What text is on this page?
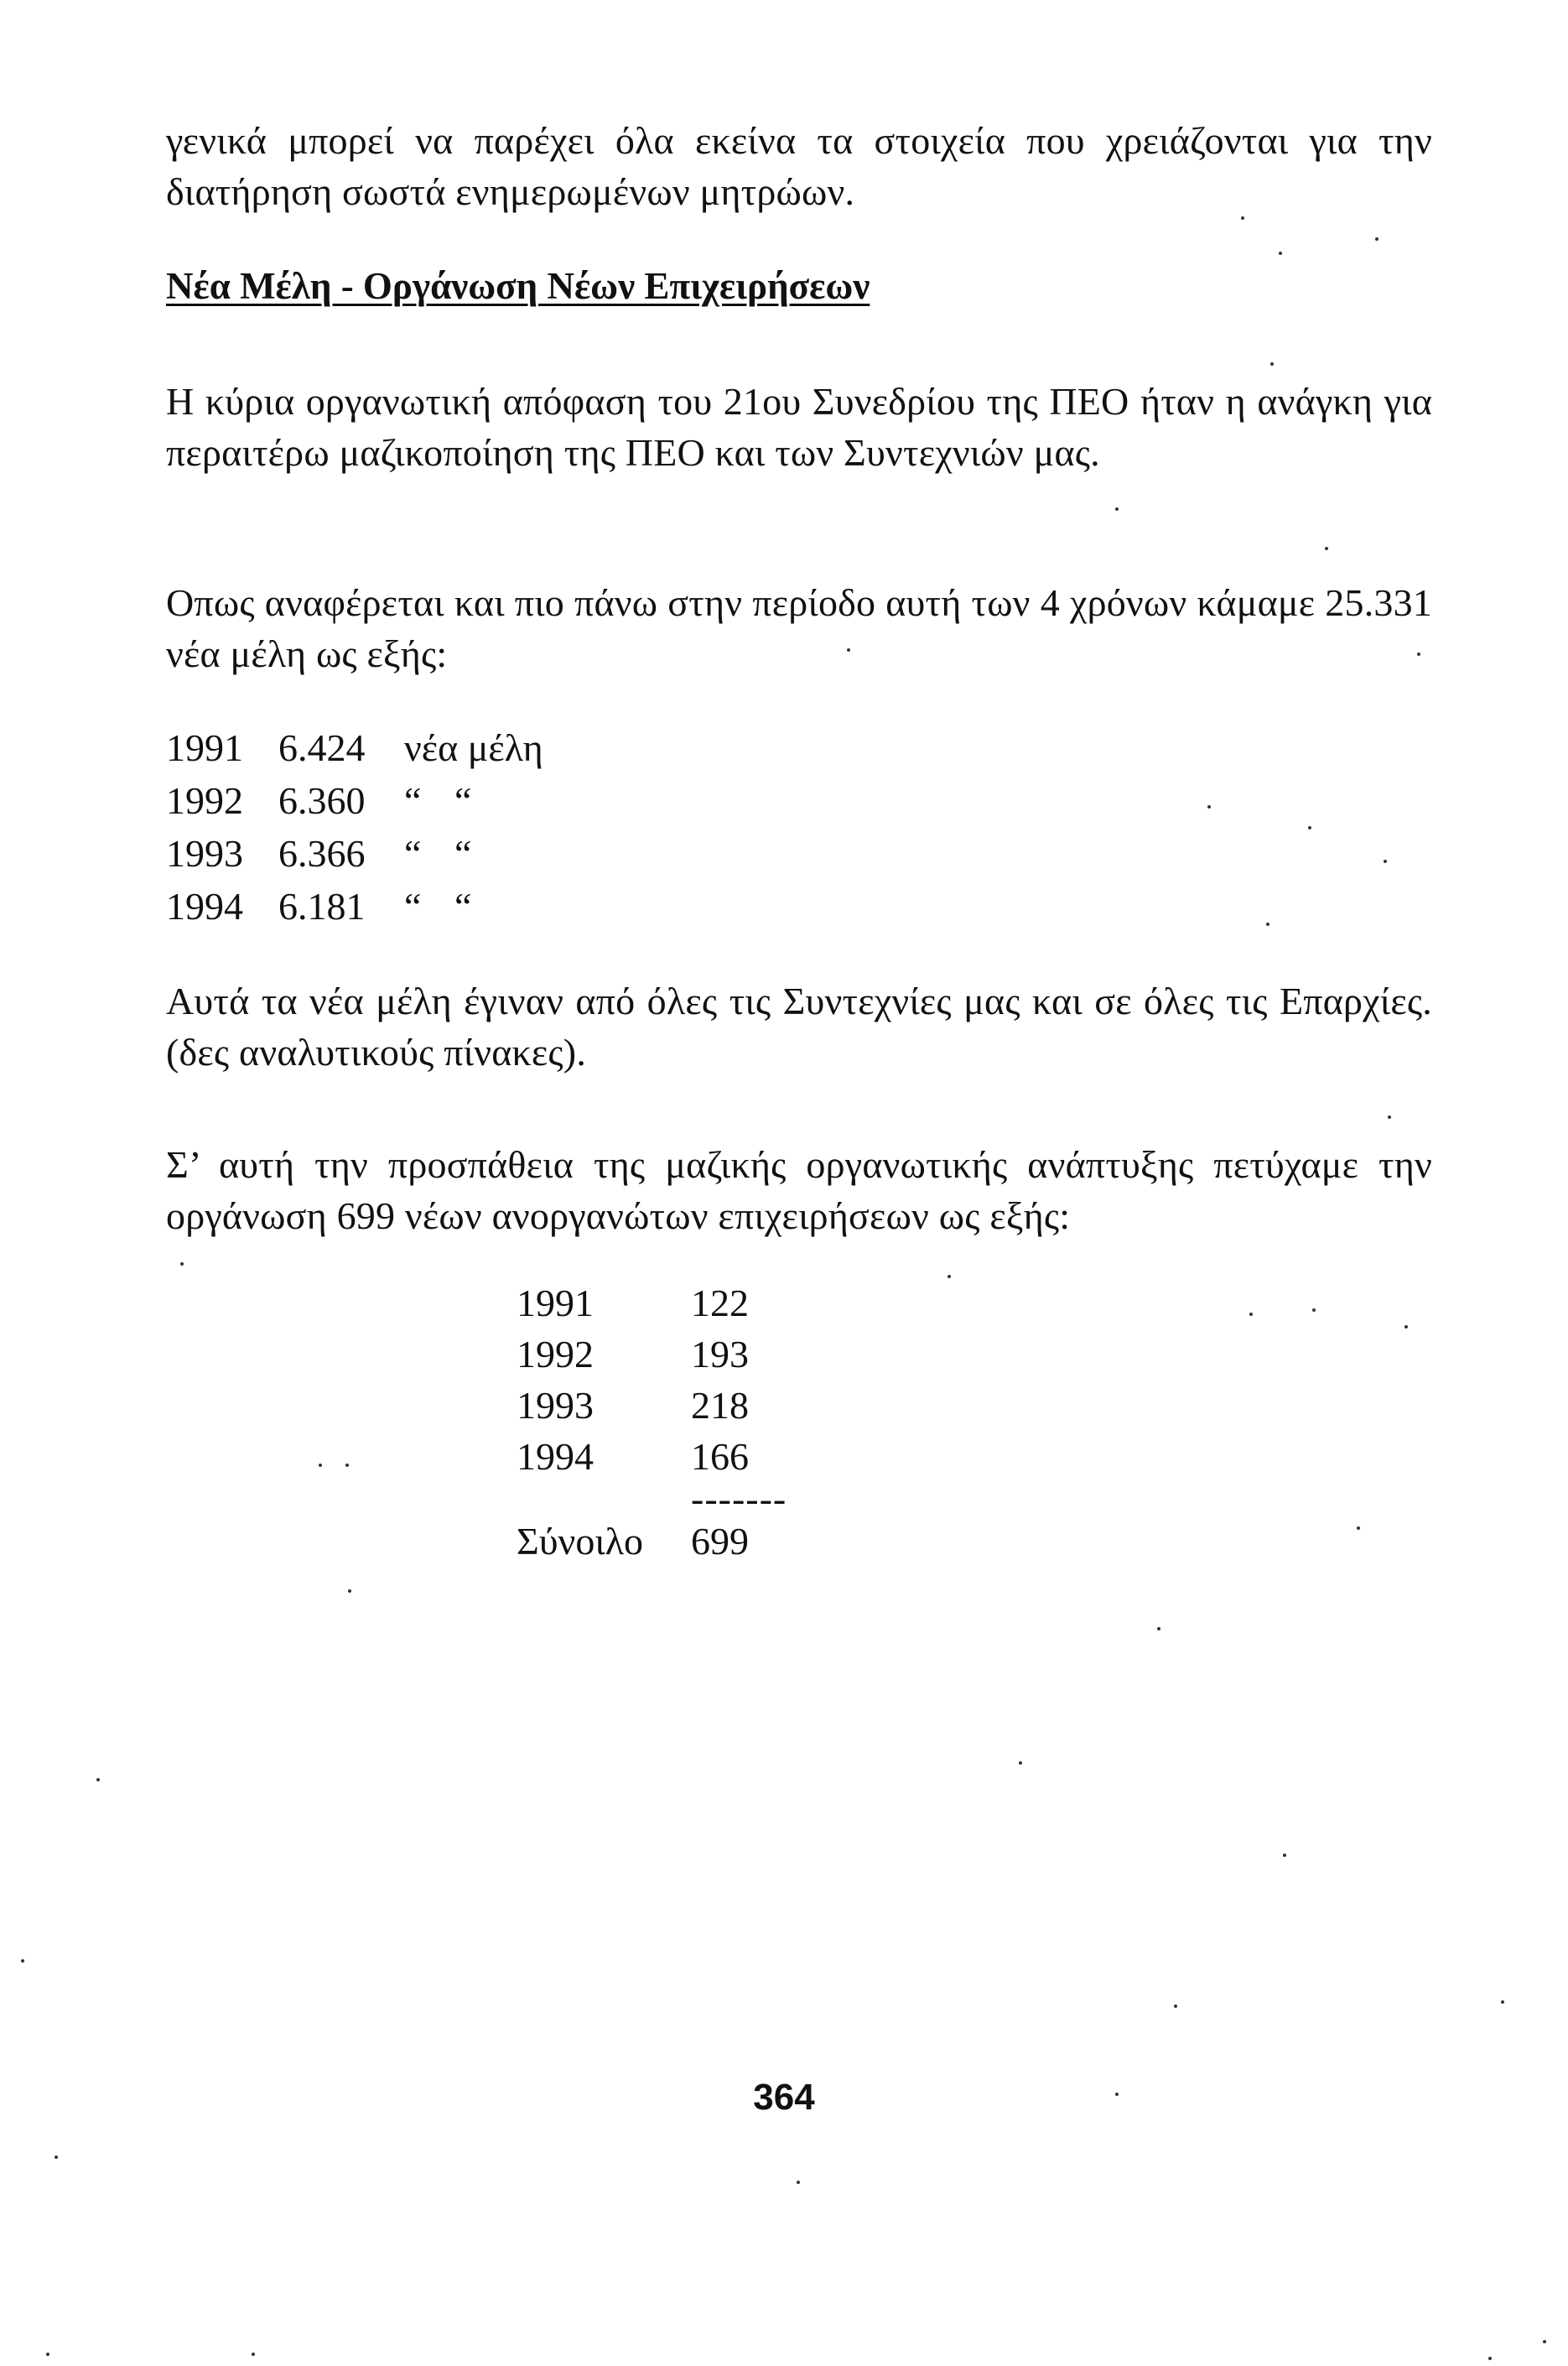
γενικά μπορεί να παρέχει όλα εκείνα τα στοιχεία που χρειάζονται για την διατήρηση σωστά ενημερωμένων μητρώων.

Νέα Μέλη - Οργάνωση Νέων Επιχειρήσεων

Η κύρια οργανωτική απόφαση του 21ου Συνεδρίου της ΠΕΟ ήταν η ανάγκη για περαιτέρω μαζικοποίηση της ΠΕΟ και των Συντεχνιών μας.

Οπως αναφέρεται και πιο πάνω στην περίοδο αυτή των 4 χρόνων κάμαμε 25.331 νέα μέλη ως εξής:

1991 6.424	νέα μέλη
1992 6.360	“ “
1993 6.366	“ “
1994 6.181	“ “

Αυτά τα νέα μέλη έγιναν από όλες τις Συντεχνίες μας και σε όλες τις Επαρχίες. (δες αναλυτικούς πίνακες).

Σ’ αυτή την προσπάθεια της μαζικής οργανωτικής ανάπτυξης πετύχαμε την οργάνωση 699 νέων ανοργανώτων επιχειρήσεων ως εξής:

1991	122
1992	193
1993	218
1994	166
-------
Σύνοιλο	699
364
